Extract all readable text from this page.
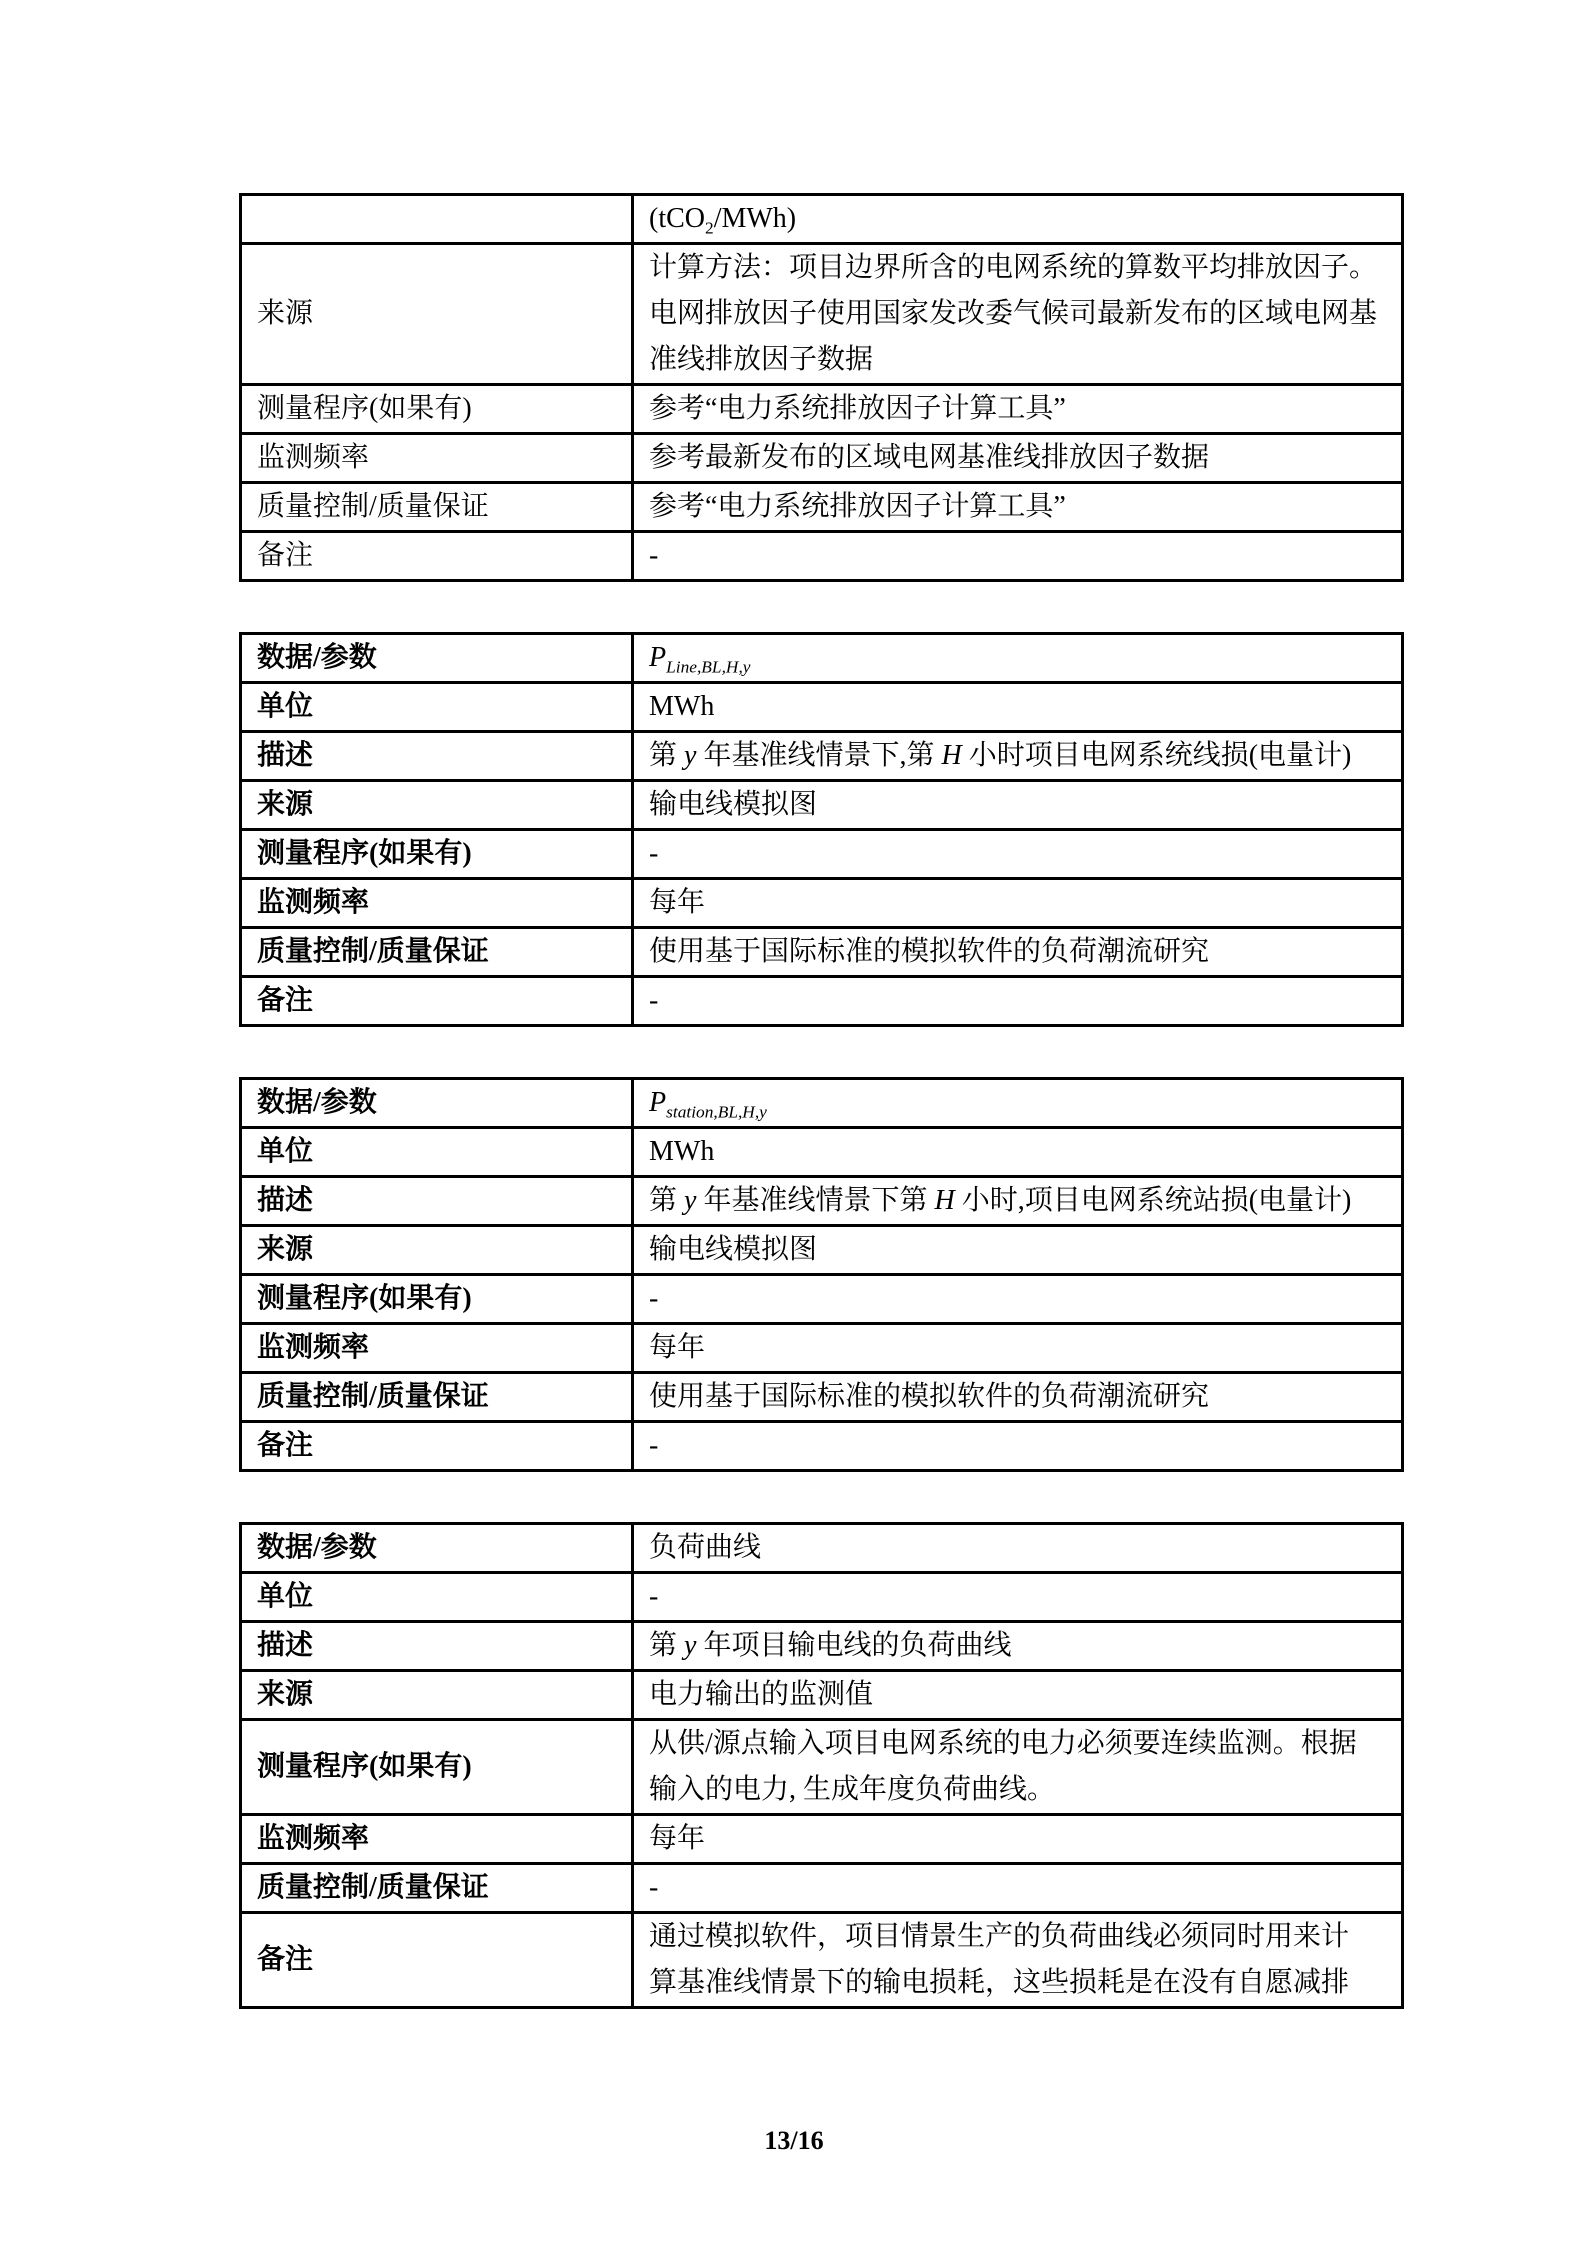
	(tCO$_2$/MWh)
来源	计算方法：项目边界所含的电网系统的算数平均排放因子。
电网排放因子使用国家发改委气候司最新发布的区域电网基
准线排放因子数据
测量程序(如果有)	参考“电力系统排放因子计算工具”
监测频率	参考最新发布的区域电网基准线排放因子数据
质量控制/质量保证	参考“电力系统排放因子计算工具”
备注	-
数据/参数	$P_{Line,BL,H,y}$
单位	MWh
描述	第 y 年基准线情景下,第 H 小时项目电网系统线损(电量计)
来源	输电线模拟图
测量程序(如果有)	-
监测频率	每年
质量控制/质量保证	使用基于国际标准的模拟软件的负荷潮流研究
备注	-
数据/参数	$P_{station,BL,H,y}$
单位	MWh
描述	第 y 年基准线情景下第 H 小时,项目电网系统站损(电量计)
来源	输电线模拟图
测量程序(如果有)	-
监测频率	每年
质量控制/质量保证	使用基于国际标准的模拟软件的负荷潮流研究
备注	-
数据/参数	负荷曲线
单位	-
描述	第 y 年项目输电线的负荷曲线
来源	电力输出的监测值
测量程序(如果有)	从供/源点输入项目电网系统的电力必须要连续监测。根据
输入的电力, 生成年度负荷曲线。
监测频率	每年
质量控制/质量保证	-
备注	通过模拟软件，项目情景生产的负荷曲线必须同时用来计
算基准线情景下的输电损耗，这些损耗是在没有自愿减排
13/16
